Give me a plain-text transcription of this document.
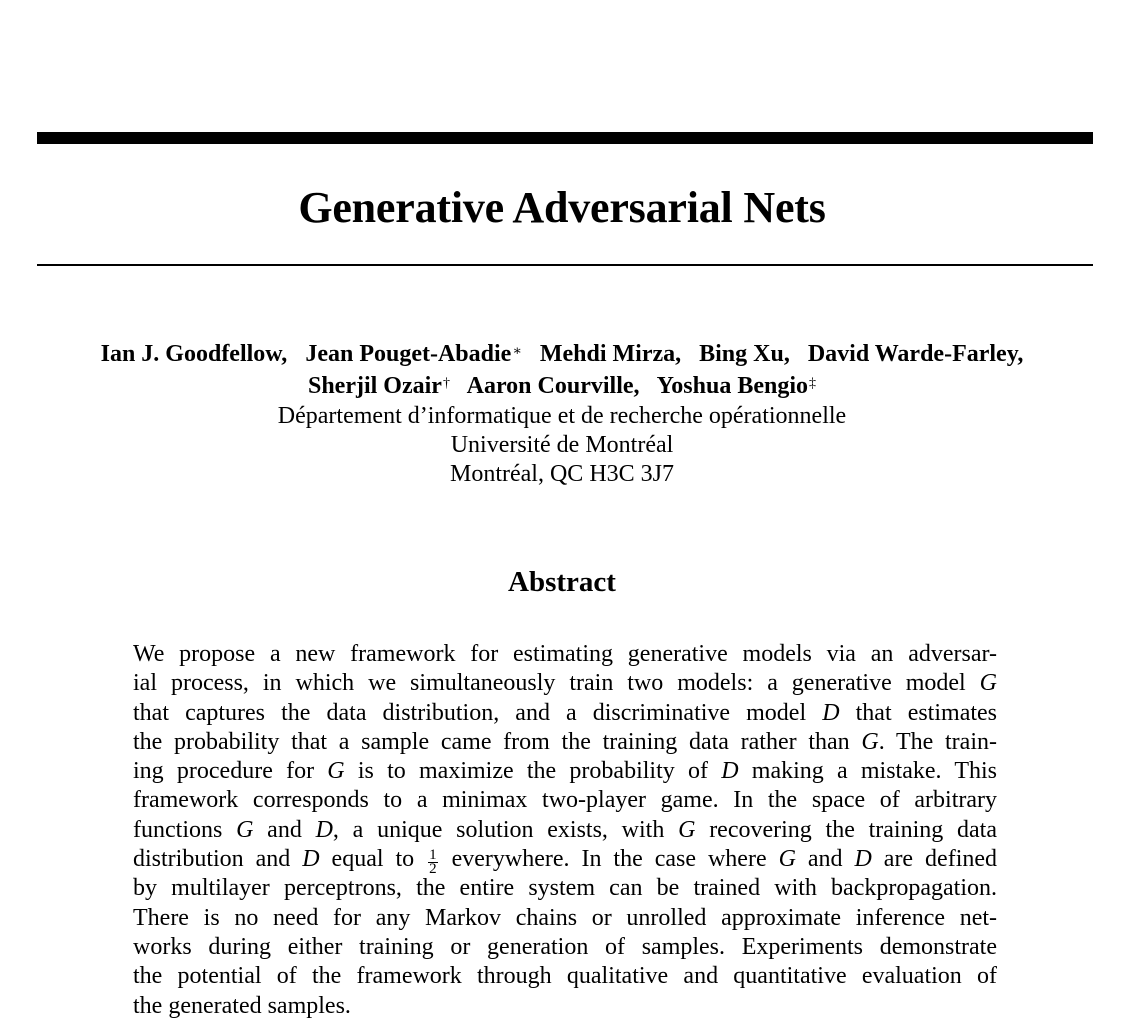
Generative Adversarial Nets
Ian J. Goodfellow, Jean Pouget-Abadie∗ Mehdi Mirza, Bing Xu, David Warde-Farley,
Sherjil Ozair† Aaron Courville, Yoshua Bengio‡
Département d’informatique et de recherche opérationnelle
Université de Montréal
Montréal, QC H3C 3J7
Abstract
We propose a new framework for estimating generative models via an adversar-
ial process, in which we simultaneously train two models: a generative model G
that captures the data distribution, and a discriminative model D that estimates
the probability that a sample came from the training data rather than G. The train-
ing procedure for G is to maximize the probability of D making a mistake. This
framework corresponds to a minimax two-player game. In the space of arbitrary
functions G and D, a unique solution exists, with G recovering the training data
distribution and D equal to $\frac{1}{2}$ everywhere. In the case where G and D are defined
by multilayer perceptrons, the entire system can be trained with backpropagation.
There is no need for any Markov chains or unrolled approximate inference net-
works during either training or generation of samples. Experiments demonstrate
the potential of the framework through qualitative and quantitative evaluation of
the generated samples.
